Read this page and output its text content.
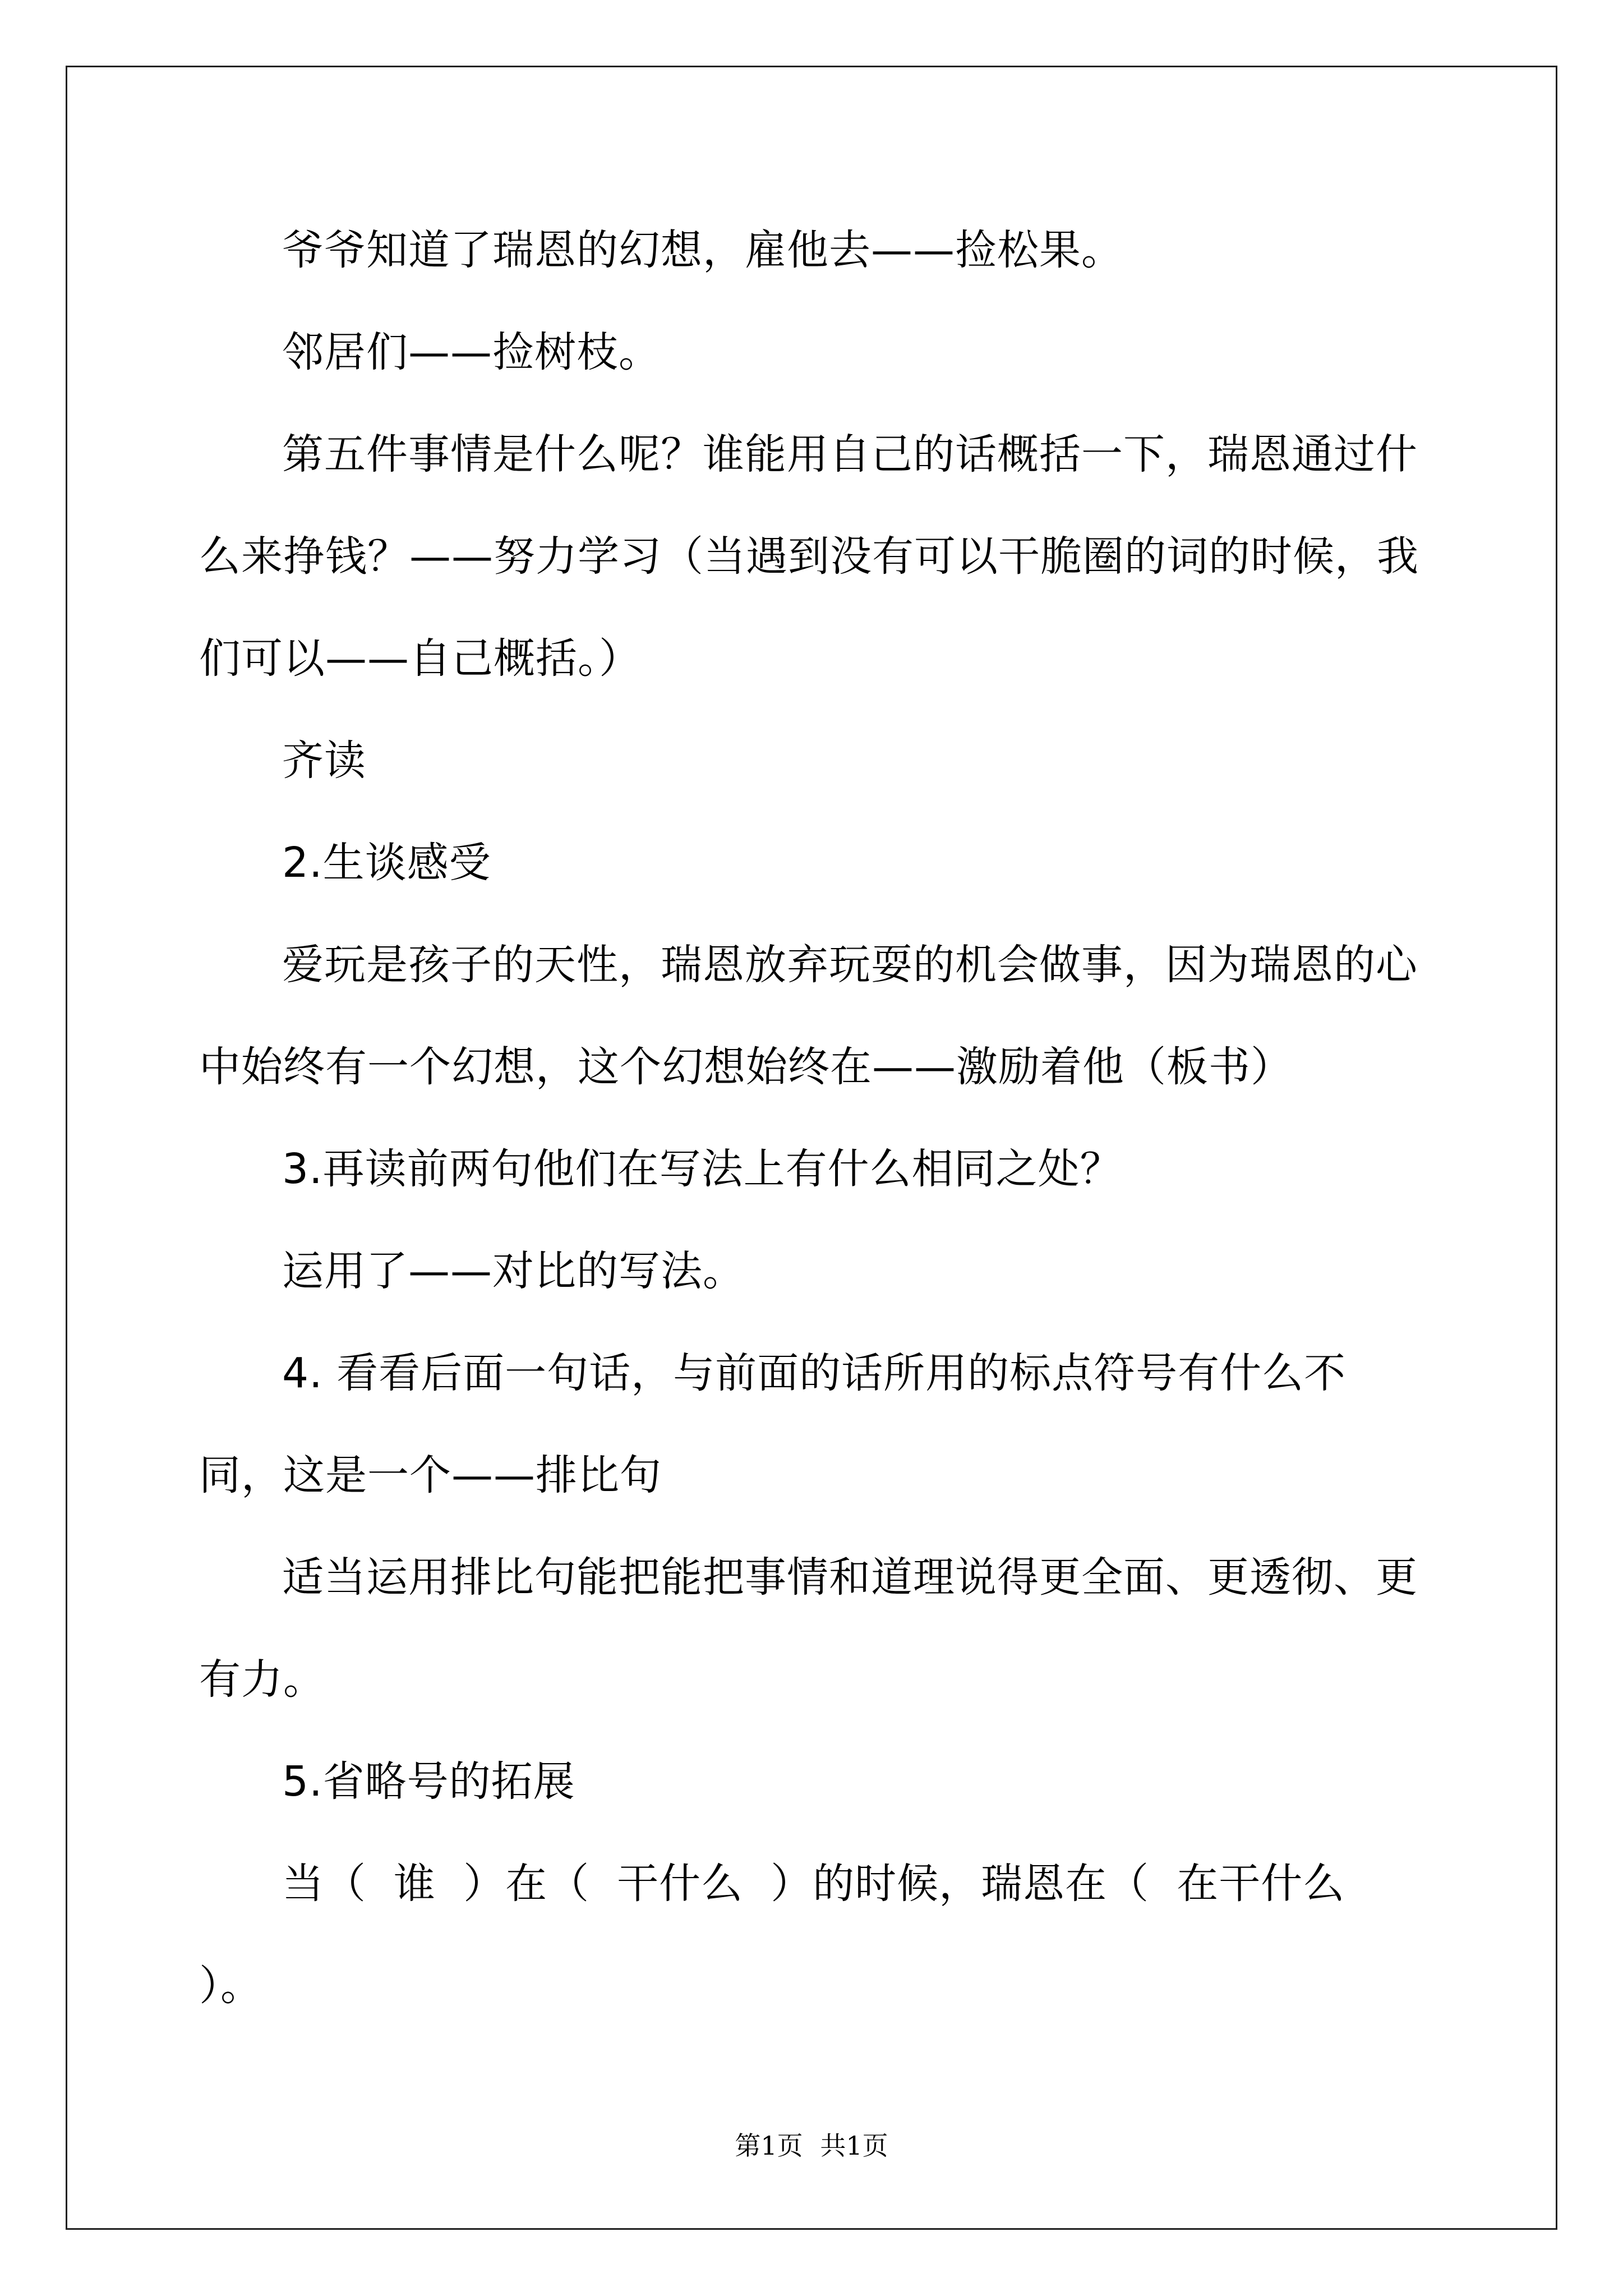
爷爷知道了瑞恩的幻想，雇他去——捡松果。

邻居们——捡树枝。

第五件事情是什么呢？谁能用自己的话概括一下，瑞恩通过什么来挣钱？——努力学习（当遇到没有可以干脆圈的词的时候，我们可以——自己概括。）

齐读

2.生谈感受

爱玩是孩子的天性，瑞恩放弃玩耍的机会做事，因为瑞恩的心中始终有一个幻想，这个幻想始终在——激励着他（板书）

3.再读前两句他们在写法上有什么相同之处？

运用了——对比的写法。

4. 看看后面一句话，与前面的话所用的标点符号有什么不同，这是一个——排比句

适当运用排比句能把能把事情和道理说得更全面、更透彻、更有力。

5.省略号的拓展

当（  谁  ）在（  干什么  ）的时候，瑞恩在（  在干什么  ）。

第1页 共1页
